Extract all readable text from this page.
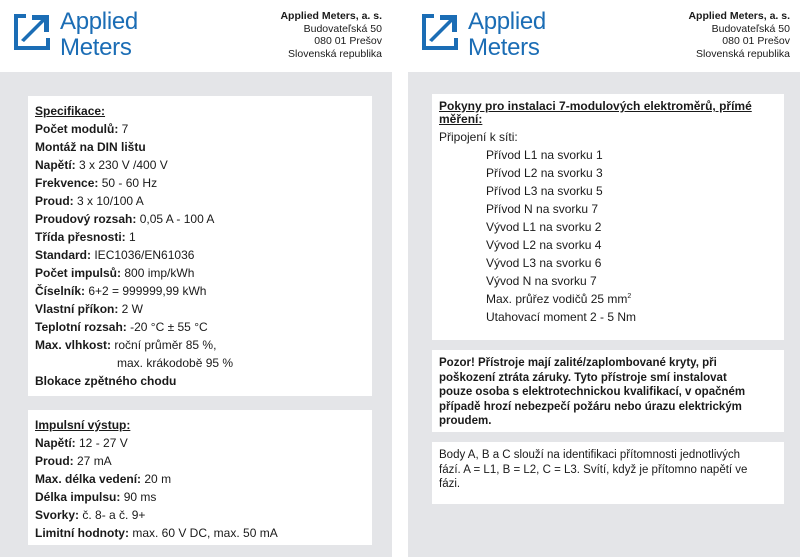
Applied
Meters
Applied Meters, a. s.
Budovateľská 50
080 01 Prešov
Slovenská republika
Specifikace:
Počet modulů: 7
Montáž na DIN lištu
Napětí: 3 x 230 V /400 V
Frekvence: 50 - 60 Hz
Proud: 3 x 10/100 A
Proudový rozsah: 0,05 A - 100 A
Třída přesnosti: 1
Standard: IEC1036/EN61036
Počet impulsů: 800 imp/kWh
Číselník: 6+2 = 999999,99 kWh
Vlastní příkon: 2 W
Teplotní rozsah: -20 °C ± 55 °C
Max. vlhkost: roční průměr 85 %,
max. krákodobě 95 %
Blokace zpětného chodu
Impulsní výstup:
Napětí: 12 - 27 V
Proud: 27 mA
Max. délka vedení: 20 m
Délka impulsu: 90 ms
Svorky: č. 8- a č. 9+
Limitní hodnoty: max. 60 V DC, max. 50 mA
Applied
Meters
Applied Meters, a. s.
Budovateľská 50
080 01 Prešov
Slovenská republika
Pokyny pro instalaci 7-modulových elektroměrů, přímé
měření:
Připojení k síti:
Přívod L1 na svorku 1
Přívod L2 na svorku 3
Přívod L3 na svorku 5
Přívod N na svorku 7
Vývod L1 na svorku 2
Vývod L2 na svorku 4
Vývod L3 na svorku 6
Vývod N na svorku 7
Max. průřez vodičů 25 $mm^2$
Utahovací moment 2 - 5 Nm
Pozor! Přístroje mají zalité/zaplombované kryty, při
poškození ztráta záruky. Tyto přístroje smí instalovat
pouze osoba s elektrotechnickou kvalifikací, v opačném
případě hrozí nebezpečí požáru nebo úrazu elektrickým
proudem.
Body A, B a C slouží na identifikaci přítomnosti jednotlivých
fází. A = L1, B = L2, C = L3. Svítí, když je přítomno napětí ve
fázi.
